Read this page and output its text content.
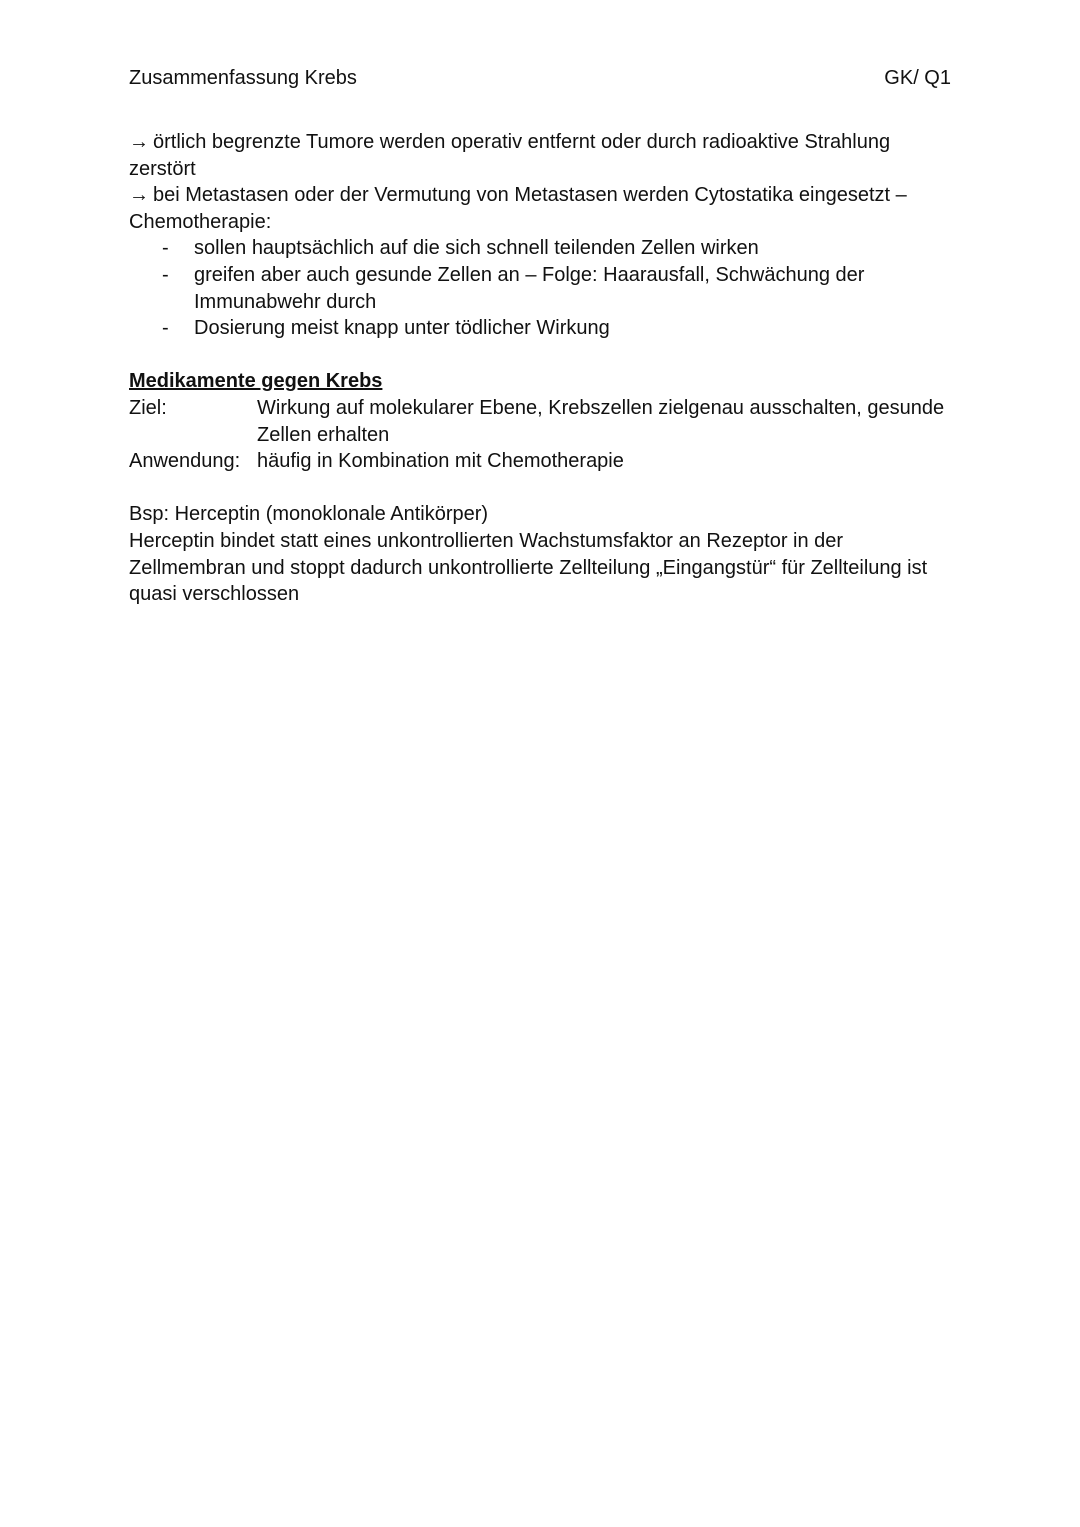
Zusammenfassung Krebs	GK/ Q1

→ örtlich begrenzte Tumore werden operativ entfernt oder durch radioaktive Strahlung zerstört

→ bei Metastasen oder der Vermutung von Metastasen werden Cytostatika eingesetzt – Chemotherapie:

- sollen hauptsächlich auf die sich schnell teilenden Zellen wirken
- greifen aber auch gesunde Zellen an – Folge: Haarausfall, Schwächung der Immunabwehr durch
- Dosierung meist knapp unter tödlicher Wirkung

Medikamente gegen Krebs

Ziel:	Wirkung auf molekularer Ebene, Krebszellen zielgenau ausschalten, gesunde Zellen erhalten
Anwendung: häufig in Kombination mit Chemotherapie

Bsp: Herceptin (monoklonale Antikörper)

Herceptin bindet statt eines unkontrollierten Wachstumsfaktor an Rezeptor in der Zellmembran und stoppt dadurch unkontrollierte Zellteilung „Eingangstür“ für Zellteilung ist quasi verschlossen
